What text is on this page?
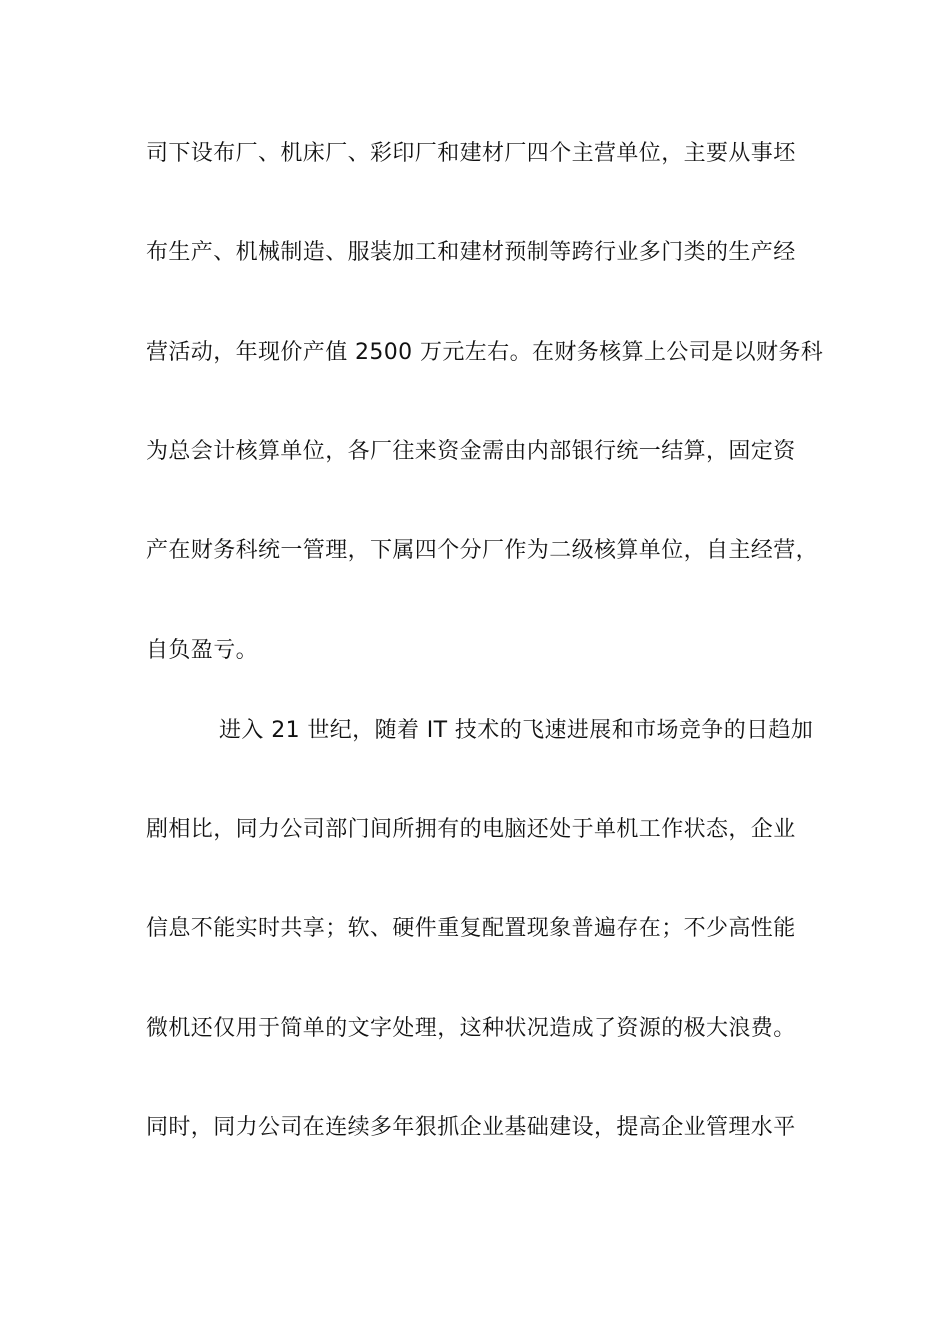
司下设布厂、机床厂、彩印厂和建材厂四个主营单位，主要从事坯
布生产、机械制造、服装加工和建材预制等跨行业多门类的生产经
营活动，年现价产值 2500 万元左右。在财务核算上公司是以财务科
为总会计核算单位，各厂往来资金需由内部银行统一结算，固定资
产在财务科统一管理，下属四个分厂作为二级核算单位，自主经营，
自负盈亏。
进入 21 世纪，随着 IT 技术的飞速进展和市场竞争的日趋加
剧相比，同力公司部门间所拥有的电脑还处于单机工作状态，企业
信息不能实时共享；软、硬件重复配置现象普遍存在；不少高性能
微机还仅用于简单的文字处理，这种状况造成了资源的极大浪费。
同时，同力公司在连续多年狠抓企业基础建设，提高企业管理水平
